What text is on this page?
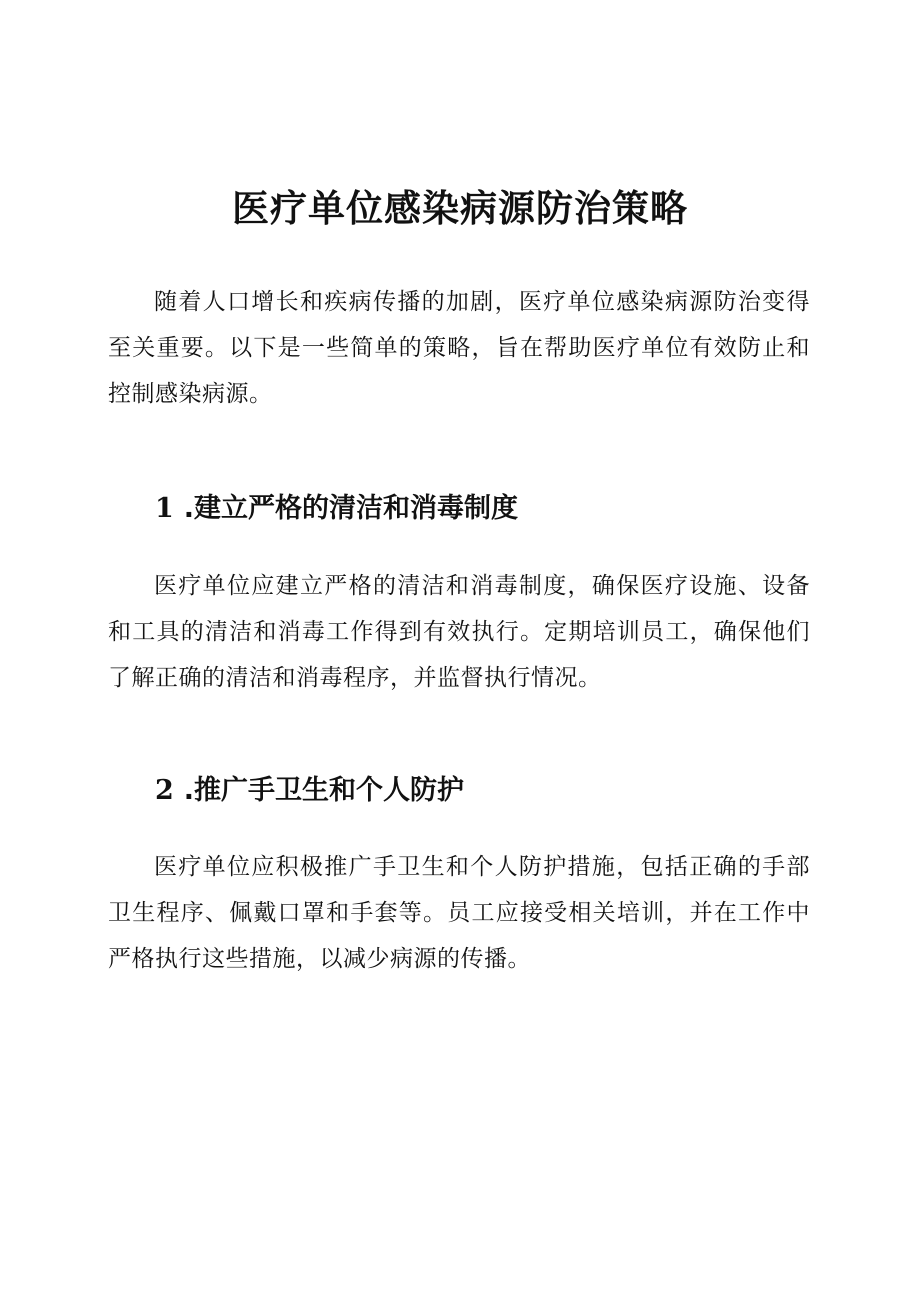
医疗单位感染病源防治策略

随着人口增长和疾病传播的加剧，医疗单位感染病源防治变得至关重要。以下是一些简单的策略，旨在帮助医疗单位有效防止和控制感染病源。

1 .建立严格的清洁和消毒制度

医疗单位应建立严格的清洁和消毒制度，确保医疗设施、设备和工具的清洁和消毒工作得到有效执行。定期培训员工，确保他们了解正确的清洁和消毒程序，并监督执行情况。

2 .推广手卫生和个人防护

医疗单位应积极推广手卫生和个人防护措施，包括正确的手部卫生程序、佩戴口罩和手套等。员工应接受相关培训，并在工作中严格执行这些措施，以减少病源的传播。
